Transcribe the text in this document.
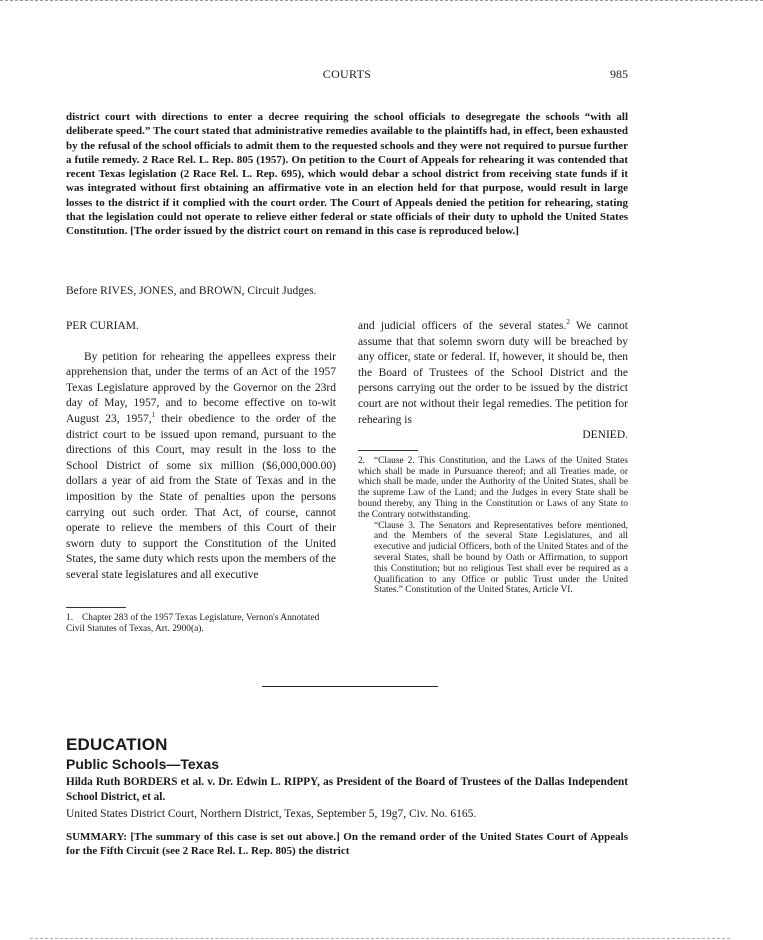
COURTS	985

district court with directions to enter a decree requiring the school officials to desegregate the schools “with all deliberate speed.” The court stated that administrative remedies available to the plaintiffs had, in effect, been exhausted by the refusal of the school officials to admit them to the requested schools and they were not required to pursue further a futile remedy. 2 Race Rel. L. Rep. 805 (1957). On petition to the Court of Appeals for rehearing it was contended that recent Texas legislation (2 Race Rel. L. Rep. 695), which would debar a school district from receiving state funds if it was integrated without first obtaining an affirmative vote in an election held for that purpose, would result in large losses to the district if it complied with the court order. The Court of Appeals denied the petition for rehearing, stating that the legislation could not operate to relieve either federal or state officials of their duty to uphold the United States Constitution. [The order issued by the district court on remand in this case is reproduced below.]

Before RIVES, JONES, and BROWN, Circuit Judges.

PER CURIAM.

By petition for rehearing the appellees express their apprehension that, under the terms of an Act of the 1957 Texas Legislature approved by the Governor on the 23rd day of May, 1957, and to become effective on to-wit August 23, 1957,$^1$ their obedience to the order of the district court to be issued upon remand, pursuant to the directions of this Court, may result in the loss to the School District of some six million ($6,000,000.00) dollars a year of aid from the State of Texas and in the imposition by the State of penalties upon the persons carrying out such order. That Act, of course, cannot operate to relieve the members of this Court of their sworn duty to support the Constitution of the United States, the same duty which rests upon the members of the several state legislatures and all executive

1. Chapter 283 of the 1957 Texas Legislature, Vernon's Annotated Civil Statutes of Texas, Art. 2900(a).

and judicial officers of the several states.$^2$ We cannot assume that that solemn sworn duty will be breached by any officer, state or federal. If, however, it should be, then the Board of Trustees of the School District and the persons carrying out the order to be issued by the district court are not without their legal remedies. The petition for rehearing is

DENIED.

2. “Clause 2. This Constitution, and the Laws of the United States which shall be made in Pursuance thereof; and all Treaties made, or which shall be made, under the Authority of the United States, shall be the supreme Law of the Land; and the Judges in every State shall be bound thereby, any Thing in the Constitution or Laws of any State to the Contrary notwithstanding.

“Clause 3. The Senators and Representatives before mentioned, and the Members of the several State Legislatures, and all executive and judicial Officers, both of the United States and of the several States, shall be bound by Oath or Affirmation, to support this Constitution; but no religious Test shall ever be required as a Qualification to any Office or public Trust under the United States.” Constitution of the United States, Article VI.

EDUCATION

Public Schools—Texas

Hilda Ruth BORDERS et al. v. Dr. Edwin L. RIPPY, as President of the Board of Trustees of the Dallas Independent School District, et al.

United States District Court, Northern District, Texas, September 5, 19g7, Civ. No. 6165.

SUMMARY: [The summary of this case is set out above.] On the remand order of the United States Court of Appeals for the Fifth Circuit (see 2 Race Rel. L. Rep. 805) the district
